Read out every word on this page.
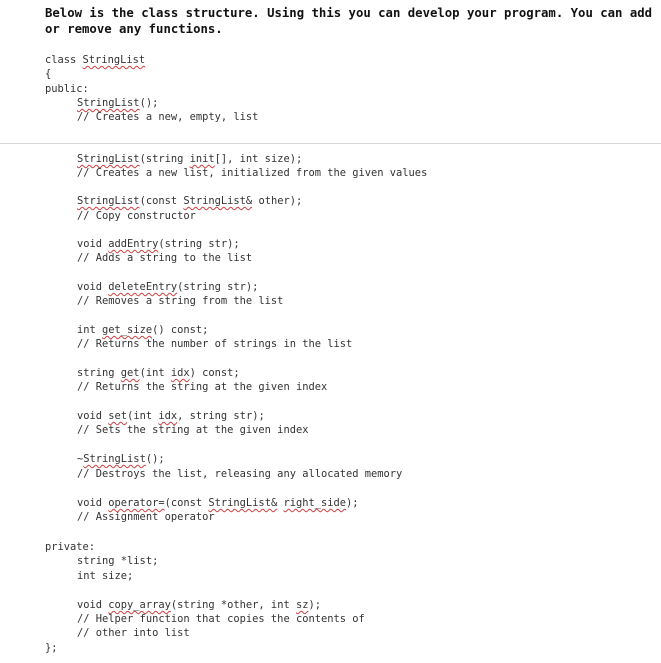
Below is the class structure. Using this you can develop your program. You can add or remove any functions.
class StringList
{
public:
StringList();
// Creates a new, empty, list
StringList(string init[], int size);
// Creates a new list, initialized from the given values
StringList(const StringList& other);
// Copy constructor
void addEntry(string str);
// Adds a string to the list
void deleteEntry(string str);
// Removes a string from the list
int get_size() const;
// Returns the number of strings in the list
string get(int idx) const;
// Returns the string at the given index
void set(int idx, string str);
// Sets the string at the given index
~StringList();
// Destroys the list, releasing any allocated memory
void operator=(const StringList& right_side);
// Assignment operator
private:
string *list;
int size;
void copy_array(string *other, int sz);
// Helper function that copies the contents of
// other into list
};
